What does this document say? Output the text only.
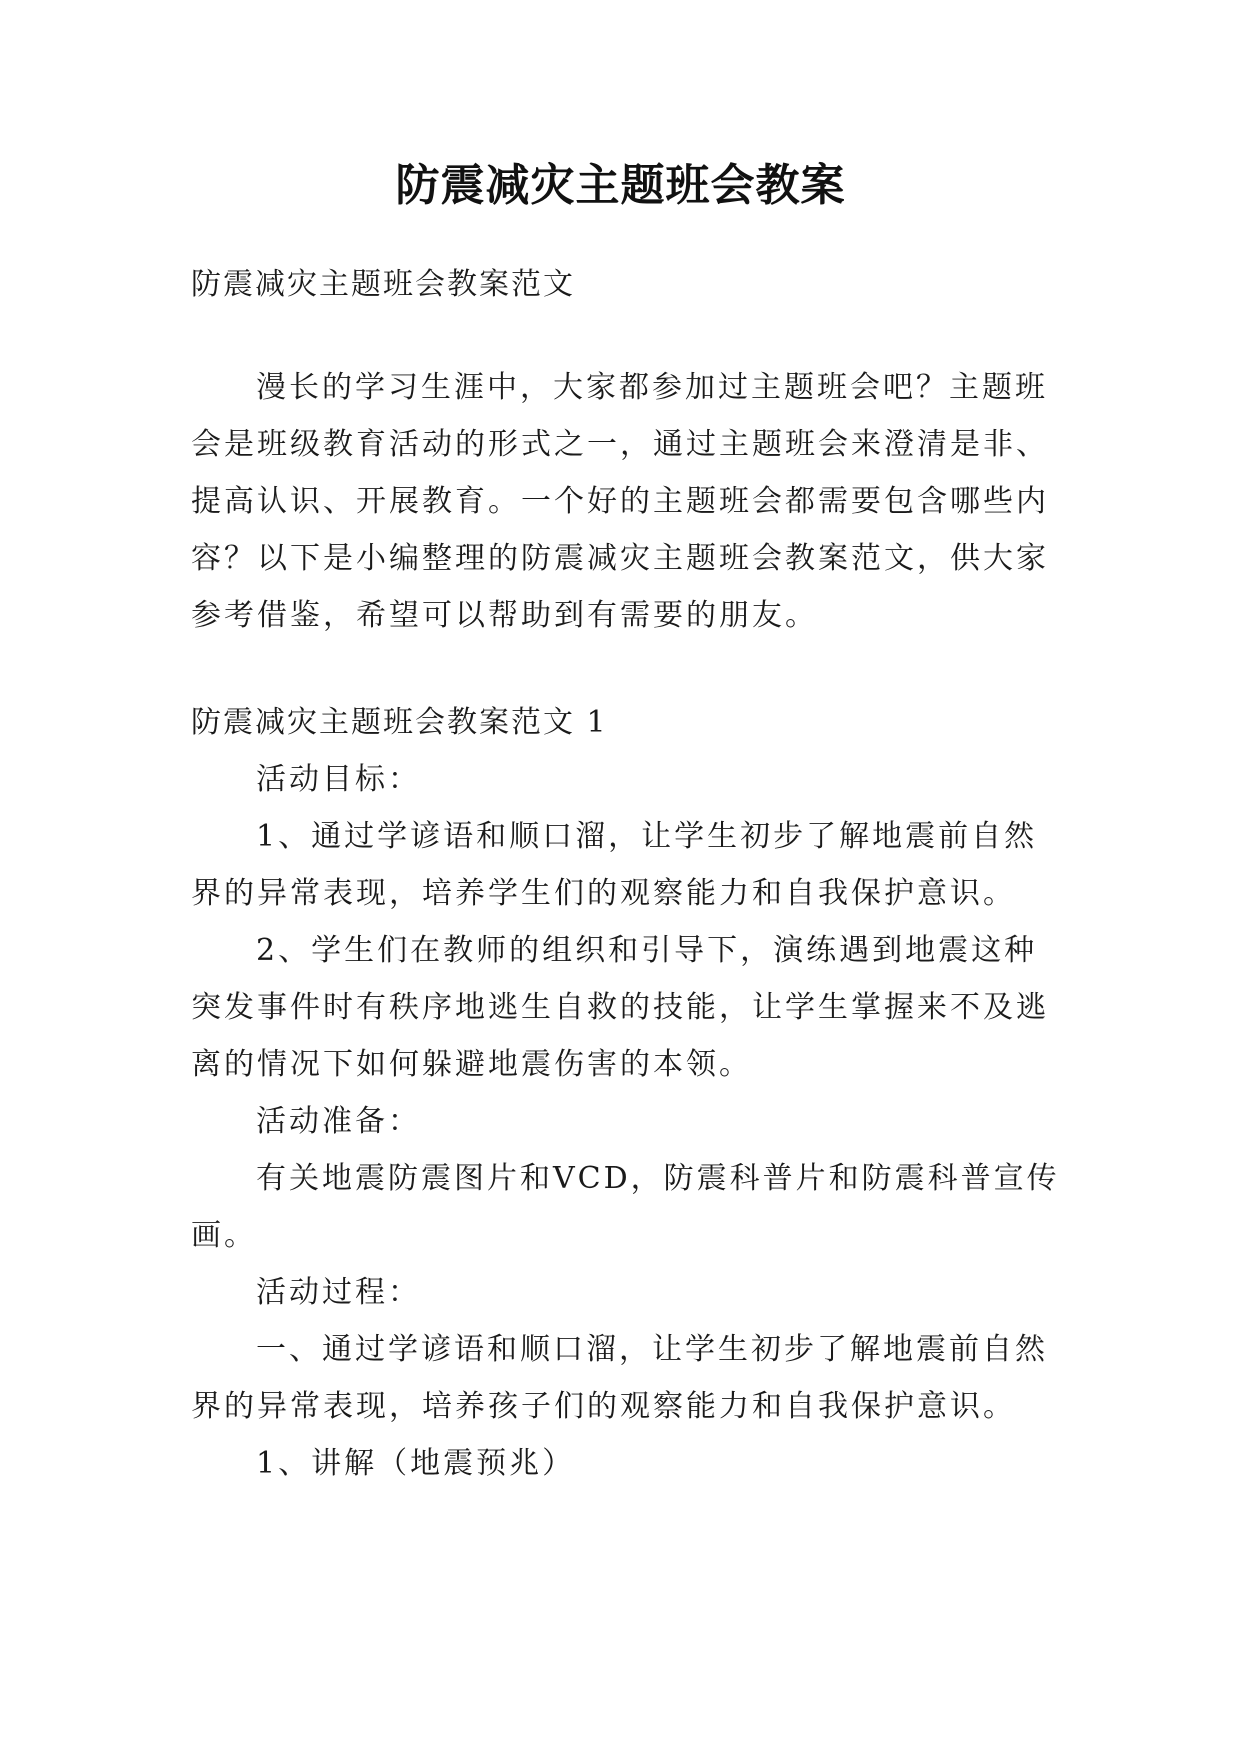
防震减灾主题班会教案

防震减灾主题班会教案范文

漫长的学习生涯中，大家都参加过主题班会吧？主题班

会是班级教育活动的形式之一，通过主题班会来澄清是非、

提高认识、开展教育。一个好的主题班会都需要包含哪些内

容？以下是小编整理的防震减灾主题班会教案范文，供大家

参考借鉴，希望可以帮助到有需要的朋友。

防震减灾主题班会教案范文 1

活动目标：

1、通过学谚语和顺口溜，让学生初步了解地震前自然

界的异常表现，培养学生们的观察能力和自我保护意识。

2、学生们在教师的组织和引导下，演练遇到地震这种

突发事件时有秩序地逃生自救的技能，让学生掌握来不及逃

离的情况下如何躲避地震伤害的本领。

活动准备：

有关地震防震图片和VCD，防震科普片和防震科普宣传

画。

活动过程：

一、通过学谚语和顺口溜，让学生初步了解地震前自然

界的异常表现，培养孩子们的观察能力和自我保护意识。

1、讲解（地震预兆）
